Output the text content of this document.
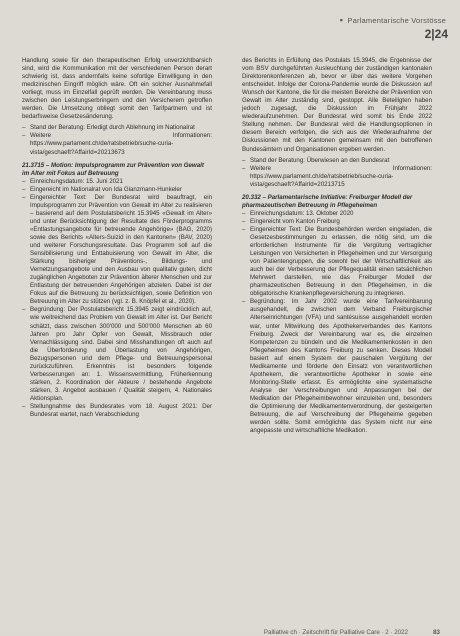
▪ Parlamentarische Vorstösse
2|24

Handlung sowie für den therapeutischen Erfolg unverzichtbarsich sind, wird die Kommunikation mit der verschiedenen Person derart schwierig ist, dass andernfalls keine sofortige Einwilligung in den medizinischen Eingriff möglich wäre. Oft ein solcher Ausnahmefall vorliegt, muss im Einzelfall geprüft werden. Die Vereinbarung muss zwischen den Leistungserbringern und den Versicherern getroffen werden. Die Umsetzung obliegt somit den Tarifpartnern und ist bedarfsweise Gesetzesänderung.

– Stand der Beratung: Erledigt durch Ablehnung im Nationalrat

– Weitere Informationen: https://www.parlament.ch/de/ratsbetrieb/suche-curia-vista/geschaeft?AffairId=20213673

21.3715 – Motion: Impulsprogramm zur Prävention von Gewalt im Alter mit Fokus auf Betreuung

– Einreichungsdatum: 15. Juni 2021

– Eingereicht im Nationalrat von Ida Glanzmann-Hunkeler

– Eingereichter Text: Der Bundesrat wird beauftragt, ein Impulsprogramm zur Prävention von Gewalt im Alter zu realisieren – basierend auf dem Postulatsbericht 15.3945 «Gewalt im Alter» und unter Berücksichtigung der Resultate des Förderprogramms «Entlastungsangebote für betreuende Angehörige» (BAG, 2020) sowie des Berichts «Alters-Suizid in den Kantonen» (BAV, 2020) und weiterer Forschungsresultate. Das Programm soll auf die Sensibilisierung und Enttabuisierung von Gewalt im Alter, die Stärkung bisheriger Präventions-, Bildungs- und Vernetzungsangebote und den Ausbau von qualitativ guten, dicht zugänglichen Angeboten zur Prävention älterer Menschen und zur Entlastung der betreuenden Angehörigen abzielen. Dabei ist der Fokus auf die Betreuung zu berücksichtigen, sowie Definition von Betreuung im Alter zu stützen (vgl. z. B. Knöpfel et al., 2020).

– Begründung: Der Postulatsbericht 15.3945 zeigt eindrücklich auf, wie weitreichend das Problem von Gewalt im Alter ist. Der Bericht schätzt, dass zwischen 300'000 und 500'000 Menschen ab 60 Jahren pro Jahr Opfer von Gewalt, Missbrauch oder Vernachlässigung sind. Dabei sind Misshandlungen oft auch auf die Überforderung und Überlastung von Angehörigen, Bezugspersonen und dem Pflege- und Betreuungspersonal zurückzuführen. Erkenntnis ist besonders folgende Verbesserungen an: 1. Wissensvermittlung, Früherkennung stärken, 2. Koordination der Akteure / bestehende Angebote stärken, 3. Angebot ausbauen / Qualität steigern, 4. Nationales Aktionsplan.

– Stellungnahme des Bundesrates vom 18. August 2021: Der Bundesrat wartet, nach Verabschiedung

des Berichts in Erfüllung des Postulats 15.3945, die Ergebnisse der vom BSV durchgeführten Ausleuchtung der zuständigen kantonalen Direktorenkonferenzen ab, bevor er über das weitere Vorgehen entscheidet. Infolge der Corona-Pandemie wurde die Diskussion auf Wunsch der Kantone, die für die meisten Bereiche der Prävention von Gewalt im Alter zuständig sind, gestoppt. Alle Beteiligten haben jedoch zugesagt, die Diskussion im Frühjahr 2022 wiederaufzunehmen. Der Bundesrat wird somit bis Ende 2022 Stellung nehmen. Der Bundesrat wird die Handlungsoptionen in diesem Bereich verfolgen, die sich aus der Wiederaufnahme der Diskussionen mit den Kantonen gemeinsam mit den betroffenen Bundesämtern und Organisationen ergeben werden.

– Stand der Beratung: Überwiesen an den Bundesrat

– Weitere Informationen: https://www.parlament.ch/de/ratsbetrieb/suche-curia-vista/geschaeft?AffairId=20213715

20.332 – Parlamentarische Initiative: Freiburger Modell der pharmazeutischen Betreuung in Pflegeheimen

– Einreichungsdatum: 13. Oktober 2020

– Eingereicht vom Kanton Freiburg

– Eingereichter Text: Die Bundesbehörden werden eingeladen, die Gesetzesbestimmungen zu erlassen, die nötig sind, um die erforderlichen Instrumente für die Vergütung vertraglicher Leistungen von Versicherten in Pflegeheimen und zur Versorgung von Patientengruppen, die sowohl bei der Wirtschaftlichkeit als auch bei der Verbesserung der Pflegequalität einen tatsächlichen Mehrwert darstellen, wie das Freiburger Modell der pharmazeutischen Betreuung in den Pflegeheimen, in die obligatorische Krankenpflegeversicherung zu integrieren.

– Begründung: Im Jahr 2002 wurde eine Tarifvereinbarung ausgehandelt, die zwischen dem Verband Freiburgischer Alterseinrichtungen (VFA) und santésuisse ausgehandelt worden war, unter Mitwirkung des Apothekerverbandes des Kantons Freiburg. Zweck der Vereinbarung war es, die einzelnen Kompetenzen zu bündeln und die Medikamentenkosten in den Pflegeheimen des Kantons Freiburg zu senken. Dieses Modell basiert auf einem System der pauschalen Vergütung der Medikamente und förderte den Einsatz von verantwortlichen Apothekern, die verantwortliche Apotheker in sowie eine Monitoring-Stelle erfasst. Es ermöglichte eine systematische Analyse der Verschreibungen und Anpassungen bei der Medikation der Pflegeheimbewohner einzuleiten und, besonders die Optimierung der Medikamentenverordnung, der gesteigerten Betreuung, die auf Verschreibung der Pflegeheime gegeben werden sollte. Somit ermöglichte das System nicht nur eine angepasste und wirtschaftliche Medikation.

Palliative ch · Zeitschrift für Palliative Care · 2 · 2022	83
